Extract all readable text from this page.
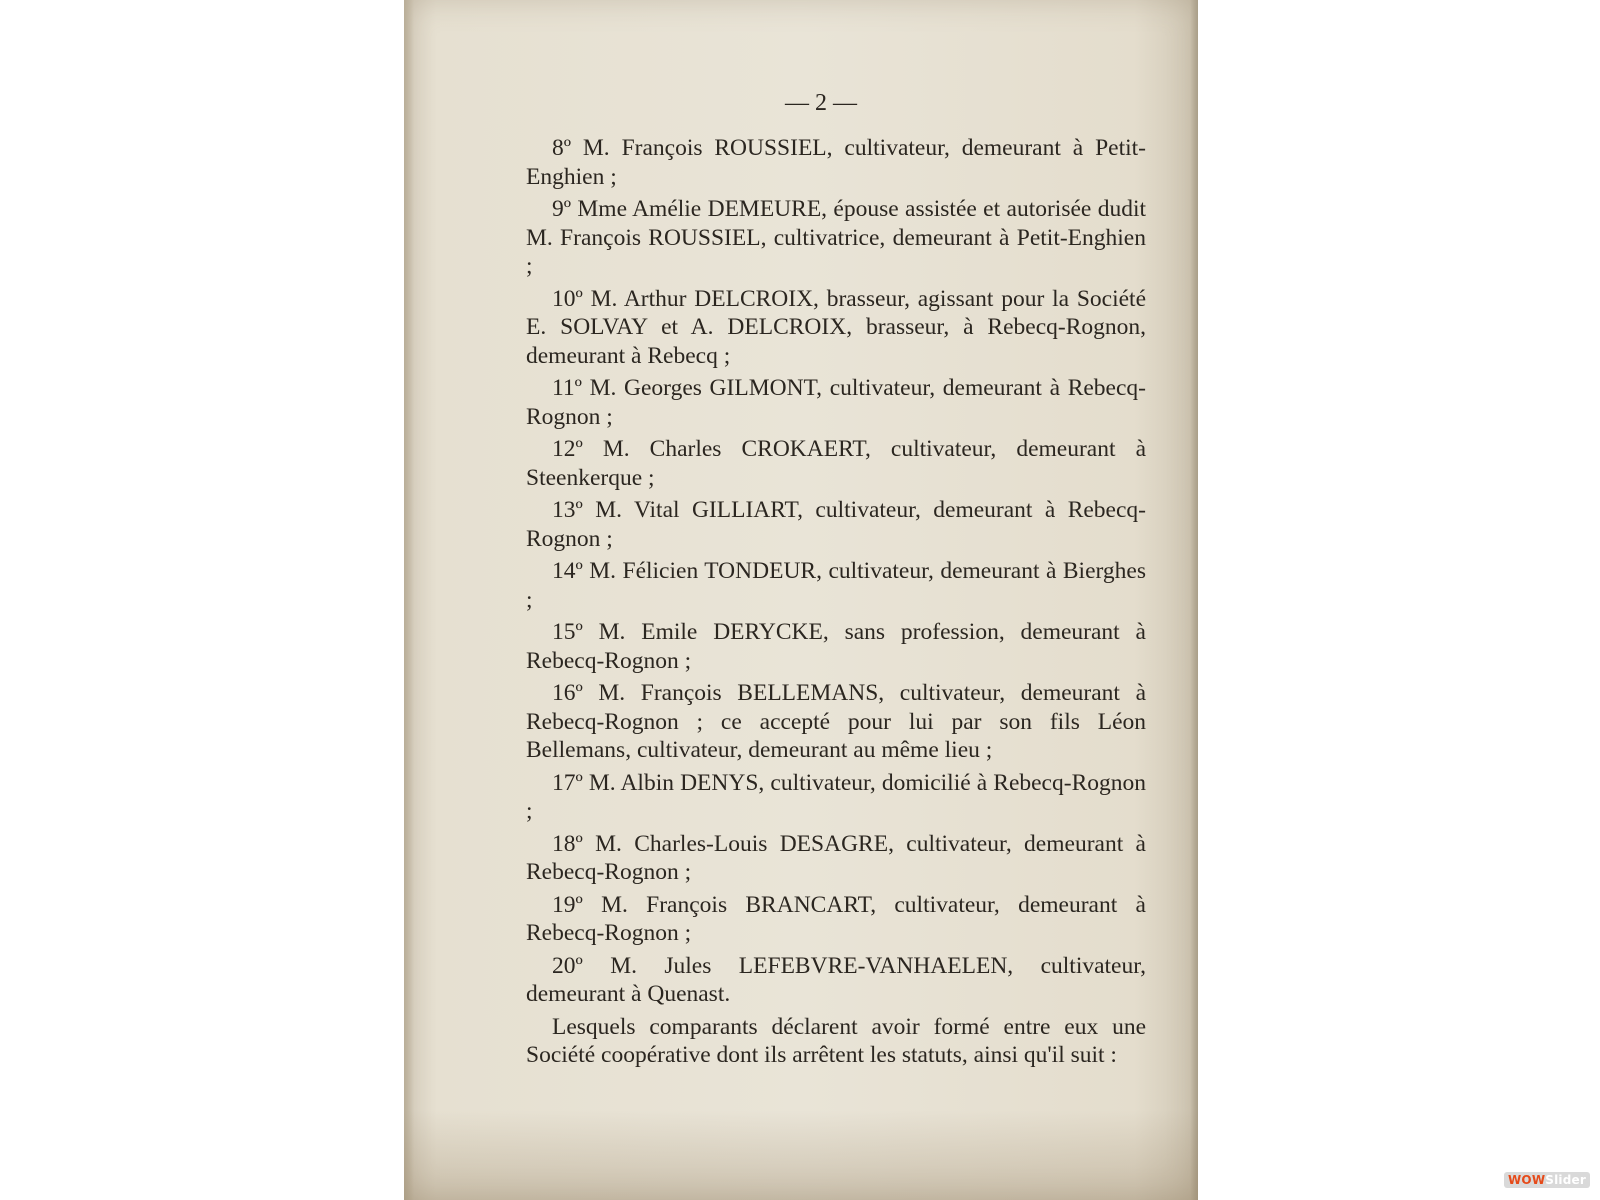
— 2 —

8º M. François ROUSSIEL, cultivateur, demeurant à Petit-Enghien ;

9º Mme Amélie DEMEURE, épouse assistée et autorisée dudit M. François ROUSSIEL, cultivatrice, demeurant à Petit-Enghien ;

10º M. Arthur DELCROIX, brasseur, agissant pour la Société E. SOLVAY et A. DELCROIX, brasseur, à Rebecq-Rognon, demeurant à Rebecq ;

11º M. Georges GILMONT, cultivateur, demeurant à Rebecq-Rognon ;

12º M. Charles CROKAERT, cultivateur, demeurant à Steenkerque ;

13º M. Vital GILLIART, cultivateur, demeurant à Rebecq-Rognon ;

14º M. Félicien TONDEUR, cultivateur, demeurant à Bierghes ;

15º M. Emile DERYCKE, sans profession, demeurant à Rebecq-Rognon ;

16º M. François BELLEMANS, cultivateur, demeurant à Rebecq-Rognon ; ce accepté pour lui par son fils Léon Bellemans, cultivateur, demeurant au même lieu ;

17º M. Albin DENYS, cultivateur, domicilié à Rebecq-Rognon ;

18º M. Charles-Louis DESAGRE, cultivateur, demeurant à Rebecq-Rognon ;

19º M. François BRANCART, cultivateur, demeurant à Rebecq-Rognon ;

20º M. Jules LEFEBVRE-VANHAELEN, cultivateur, demeurant à Quenast.

Lesquels comparants déclarent avoir formé entre eux une Société coopérative dont ils arrêtent les statuts, ainsi qu'il suit :

WOWSlider
